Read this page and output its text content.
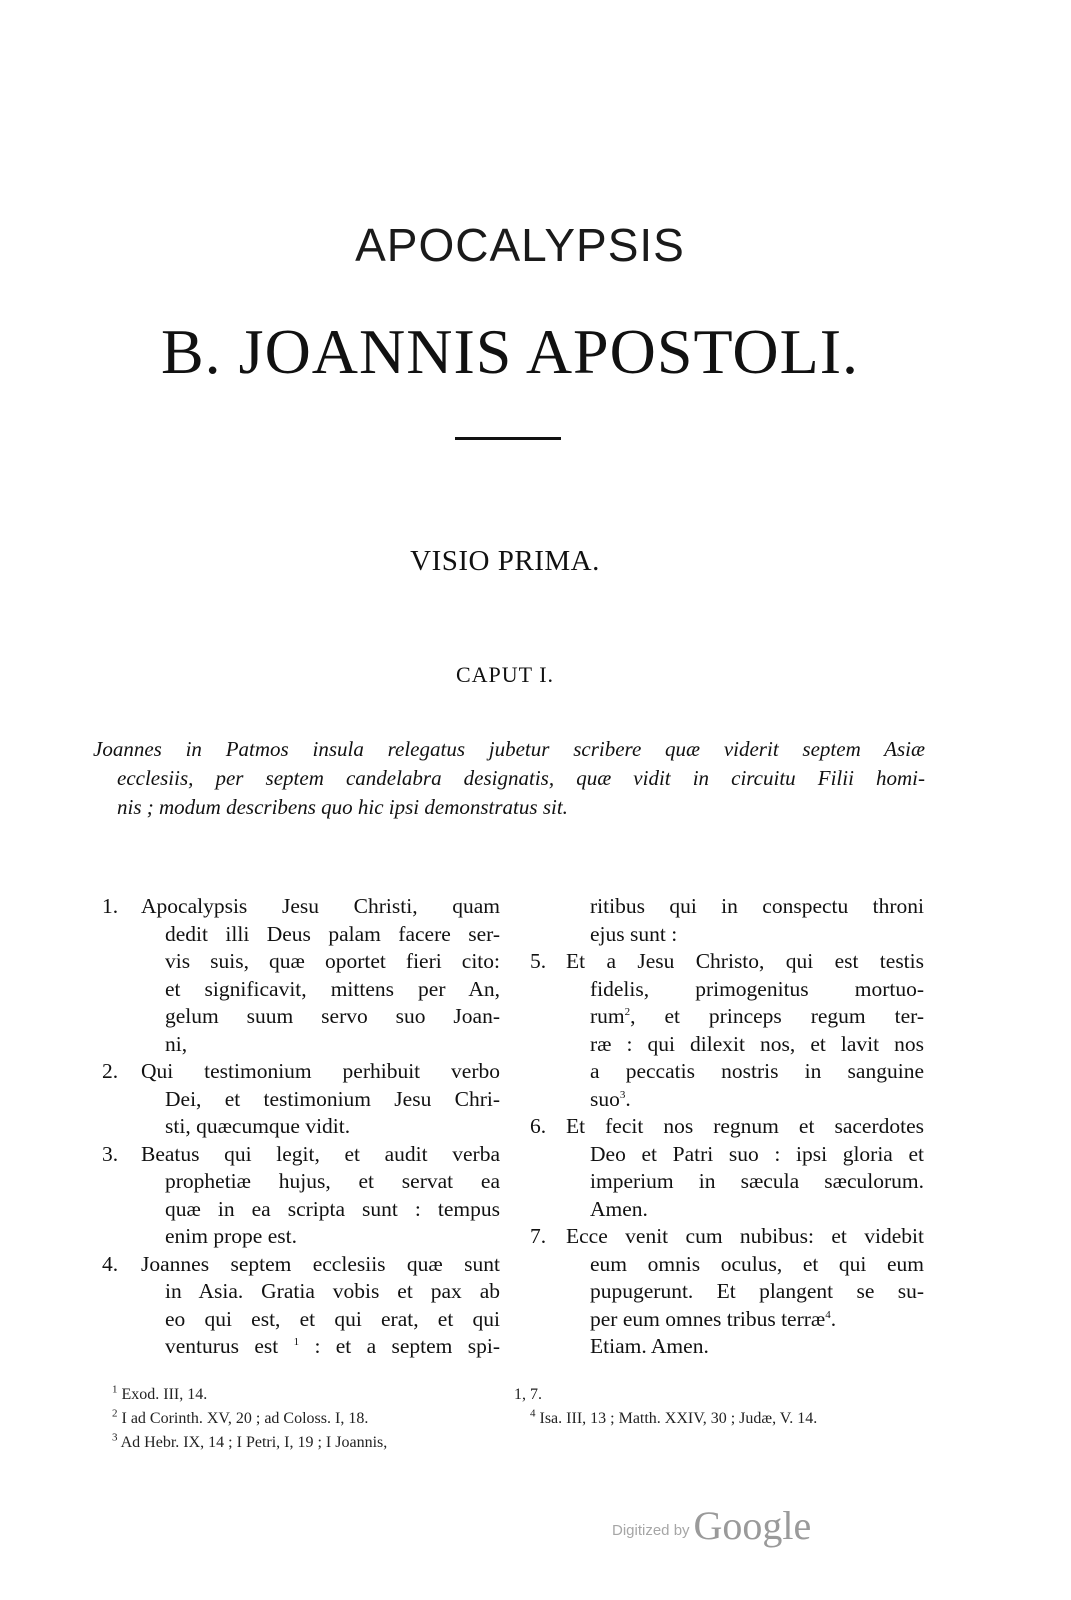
APOCALYPSIS
B. JOANNIS APOSTOLI.
VISIO PRIMA.
CAPUT I.
Joannes in Patmos insula relegatus jubetur scribere quæ viderit septem Asiæ
ecclesiis, per septem candelabra designatis, quæ vidit in circuitu Filii homi-
nis ; modum describens quo hic ipsi demonstratus sit.
1.	Apocalypsis Jesu Christi, quam
dedit illi Deus palam facere ser-
vis suis, quæ oportet fieri cito:
et significavit, mittens per An,
gelum suum servo suo Joan-
ni,
2.	Qui testimonium perhibuit verbo
Dei, et testimonium Jesu Chri-
sti, quæcumque vidit.
3.	Beatus qui legit, et audit verba
prophetiæ hujus, et servat ea
quæ in ea scripta sunt : tempus
enim prope est.
4.	Joannes septem ecclesiis quæ sunt
in Asia. Gratia vobis et pax ab
eo qui est, et qui erat, et qui
venturus est $^1$ : et a septem spi-
ritibus qui in conspectu throni
ejus sunt :
5. Et a Jesu Christo, qui est testis
fidelis, primogenitus mortuo-
rum$^2$, et princeps regum ter-
ræ : qui dilexit nos, et lavit nos
a peccatis nostris in sanguine
suo$^3$.
6. Et fecit nos regnum et sacerdotes
Deo et Patri suo : ipsi gloria et
imperium in sæcula sæculorum.
Amen.
7. Ecce venit cum nubibus: et videbit
eum omnis oculus, et qui eum
pupugerunt. Et plangent se su-
per eum omnes tribus terræ$^4$.
Etiam. Amen.
$^1$ Exod. III, 14.
$^2$ I ad Corinth. XV, 20 ; ad Coloss. I, 18.
$^3$ Ad Hebr. IX, 14 ; I Petri, I, 19 ; I Joannis,
1, 7.
$^4$ Isa. III, 13 ; Matth. XXIV, 30 ; Judæ, V. 14.
Digitized by Google
